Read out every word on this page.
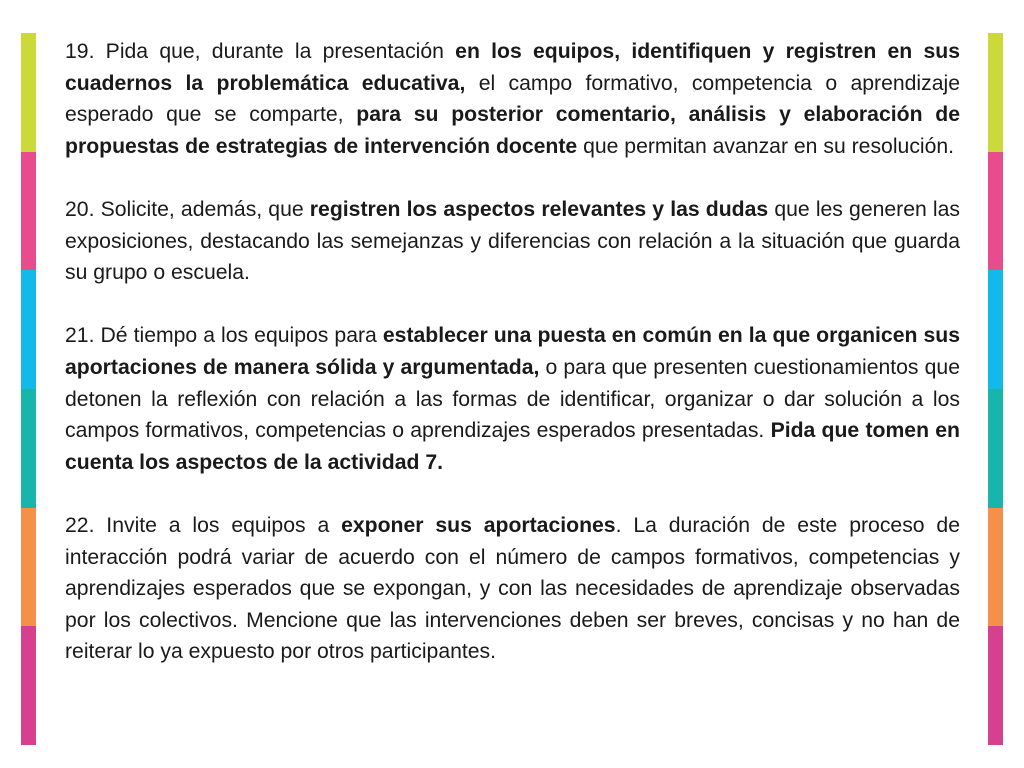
19. Pida que, durante la presentación en los equipos, identifiquen y registren en sus cuadernos la problemática educativa, el campo formativo, competencia o aprendizaje esperado que se comparte, para su posterior comentario, análisis y elaboración de propuestas de estrategias de intervención docente que permitan avanzar en su resolución.

20. Solicite, además, que registren los aspectos relevantes y las dudas que les generen las exposiciones, destacando las semejanzas y diferencias con relación a la situación que guarda su grupo o escuela.

21. Dé tiempo a los equipos para establecer una puesta en común en la que organicen sus aportaciones de manera sólida y argumentada, o para que presenten cuestionamientos que detonen la reflexión con relación a las formas de identificar, organizar o dar solución a los campos formativos, competencias o aprendizajes esperados presentadas. Pida que tomen en cuenta los aspectos de la actividad 7.

22. Invite a los equipos a exponer sus aportaciones. La duración de este proceso de interacción podrá variar de acuerdo con el número de campos formativos, competencias y aprendizajes esperados que se expongan, y con las necesidades de aprendizaje observadas por los colectivos. Mencione que las intervenciones deben ser breves, concisas y no han de reiterar lo ya expuesto por otros participantes.
